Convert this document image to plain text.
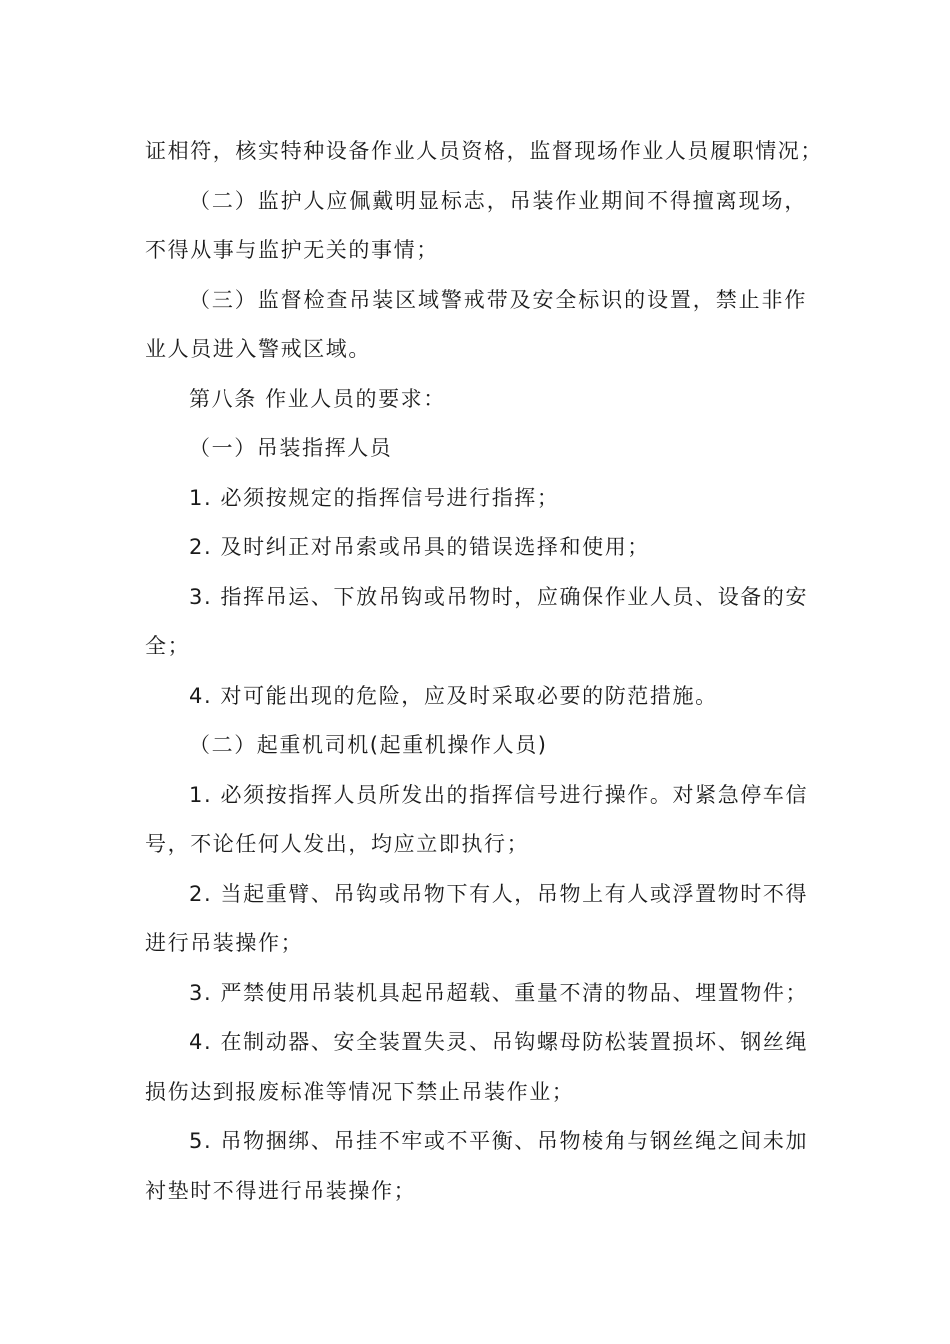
证相符，核实特种设备作业人员资格，监督现场作业人员履职情况；
（二）监护人应佩戴明显标志，吊装作业期间不得擅离现场，
不得从事与监护无关的事情；
（三）监督检查吊装区域警戒带及安全标识的设置，禁止非作
业人员进入警戒区域。
第八条 作业人员的要求：
（一）吊装指挥人员
1. 必须按规定的指挥信号进行指挥；
2. 及时纠正对吊索或吊具的错误选择和使用；
3. 指挥吊运、下放吊钩或吊物时，应确保作业人员、设备的安
全；
4. 对可能出现的危险，应及时采取必要的防范措施。
（二）起重机司机(起重机操作人员)
1. 必须按指挥人员所发出的指挥信号进行操作。对紧急停车信
号，不论任何人发出，均应立即执行；
2. 当起重臂、吊钩或吊物下有人，吊物上有人或浮置物时不得
进行吊装操作；
3. 严禁使用吊装机具起吊超载、重量不清的物品、埋置物件；
4. 在制动器、安全装置失灵、吊钩螺母防松装置损坏、钢丝绳
损伤达到报废标准等情况下禁止吊装作业；
5. 吊物捆绑、吊挂不牢或不平衡、吊物棱角与钢丝绳之间未加
衬垫时不得进行吊装操作；
